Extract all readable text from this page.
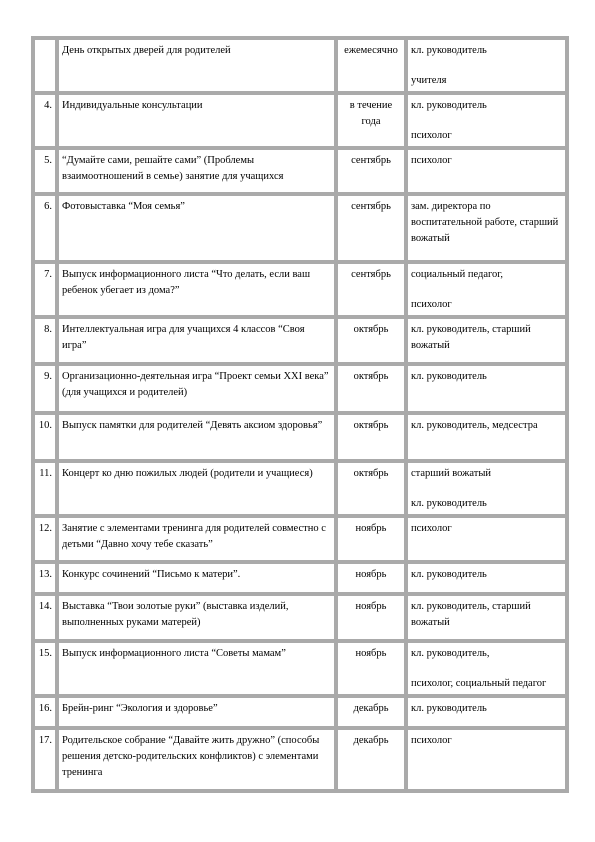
	День открытых дверей для родителей	ежемесячно	кл. руководитель
учителя
4.	Индивидуальные консультации	в течение года	кл. руководитель
психолог
5.	“Думайте сами, решайте сами” (Проблемы взаимоотношений в семье) занятие для учащихся	сентябрь	психолог
6.	Фотовыставка “Моя семья”	сентябрь	зам. директора по воспитательной работе, старший вожатый
7.	Выпуск информационного листа “Что делать, если ваш ребенок убегает из дома?”	сентябрь	социальный педагог,
психолог
8.	Интеллектуальная игра для учащихся 4 классов “Своя игра”	октябрь	кл. руководитель, старший вожатый
9.	Организационно-деятельная игра “Проект семьи XXI века” (для учащихся и родителей)	октябрь	кл. руководитель
10.	Выпуск памятки для родителей “Девять аксиом здоровья”	октябрь	кл. руководитель, медсестра
11.	Концерт ко дню пожилых людей (родители и учащиеся)	октябрь	старший вожатый
кл. руководитель
12.	Занятие с элементами тренинга для родителей совместно с детьми “Давно хочу тебе сказать”	ноябрь	психолог
13.	Конкурс сочинений “Письмо к матери”.	ноябрь	кл. руководитель
14.	Выставка “Твои золотые руки” (выставка изделий, выполненных руками матерей)	ноябрь	кл. руководитель, старший вожатый
15.	Выпуск информационного листа “Советы мамам”	ноябрь	кл. руководитель,
психолог, социальный педагог
16.	Брейн-ринг “Экология и здоровье”	декабрь	кл. руководитель
17.	Родительское собрание “Давайте жить дружно” (способы решения детско-родительских конфликтов) с элементами тренинга	декабрь	психолог
